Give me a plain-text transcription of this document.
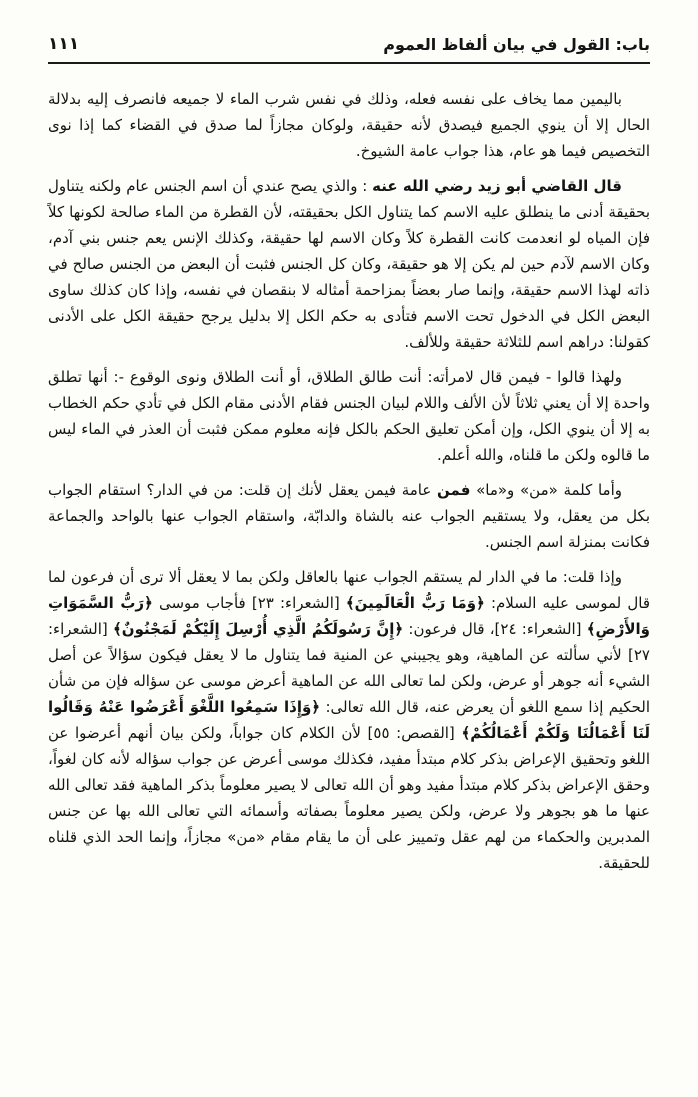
باب: القول في بيان ألفاظ العموم
١١١

باليمين مما يخاف على نفسه فعله، وذلك في نفس شرب الماء لا جميعه فانصرف إليه بدلالة الحال إلا أن ينوي الجميع فيصدق لأنه حقيقة، ولوكان مجازاً لما صدق في القضاء كما إذا نوى التخصيص فيما هو عام، هذا جواب عامة الشيوخ.

قال القاضي أبو زيد رضي الله عنه : والذي يصح عندي أن اسم الجنس عام ولكنه يتناول بحقيقة أدنى ما ينطلق عليه الاسم كما يتناول الكل بحقيقته، لأن القطرة من الماء صالحة لكونها كلاً فإن المياه لو انعدمت كانت القطرة كلاً وكان الاسم لها حقيقة، وكذلك الإنس يعم جنس بني آدم، وكان الاسم لآدم حين لم يكن إلا هو حقيقة، وكان كل الجنس فثبت أن البعض من الجنس صالح في ذاته لهذا الاسم حقيقة، وإنما صار بعضاً بمزاحمة أمثاله لا بنقصان في نفسه، وإذا كان كذلك ساوى البعض الكل في الدخول تحت الاسم فتأدى به حكم الكل إلا بدليل يرجح حقيقة الكل على الأدنى كقولنا: دراهم اسم للثلاثة حقيقة وللألف.

ولهذا قالوا - فيمن قال لامرأته: أنت طالق الطلاق، أو أنت الطلاق ونوى الوقوع -: أنها تطلق واحدة إلا أن يعني ثلاثاً لأن الألف واللام لبيان الجنس فقام الأدنى مقام الكل في تأدي حكم الخطاب به إلا أن ينوي الكل، وإن أمكن تعليق الحكم بالكل فإنه معلوم ممكن فثبت أن العذر في الماء ليس ما قالوه ولكن ما قلناه، والله أعلم.

وأما كلمة «من» و«ما» فمن عامة فيمن يعقل لأنك إن قلت: من في الدار؟ استقام الجواب بكل من يعقل، ولا يستقيم الجواب عنه بالشاة والدابّة، واستقام الجواب عنها بالواحد والجماعة فكانت بمنزلة اسم الجنس.

وإذا قلت: ما في الدار لم يستقم الجواب عنها بالعاقل ولكن بما لا يعقل ألا ترى أن فرعون لما قال لموسى عليه السلام: ﴿وَمَا رَبُّ الْعَالَمِينَ﴾ [الشعراء: ٢٣] فأجاب موسى ﴿رَبُّ السَّمَوَاتِ وَالأَرْضِ﴾ [الشعراء: ٢٤]، قال فرعون: ﴿إِنَّ رَسُولَكُمُ الَّذِي أُرْسِلَ إِلَيْكُمْ لَمَجْنُونٌ﴾ [الشعراء: ٢٧] لأني سألته عن الماهية، وهو يجيبني عن المنية فما يتناول ما لا يعقل فيكون سؤالاً عن أصل الشيء أنه جوهر أو عرض، ولكن لما تعالى الله عن الماهية أعرض موسى عن سؤاله فإن من شأن الحكيم إذا سمع اللغو أن يعرض عنه، قال الله تعالى: ﴿وَإِذَا سَمِعُوا اللَّغْوَ أَعْرَضُوا عَنْهُ وَقَالُوا لَنَا أَعْمَالُنَا وَلَكُمْ أَعْمَالُكُمْ﴾ [القصص: ٥٥] لأن الكلام كان جواباً، ولكن بيان أنهم أعرضوا عن اللغو وتحقيق الإعراض بذكر كلام مبتدأ مفيد، فكذلك موسى أعرض عن جواب سؤاله لأنه كان لغواً، وحقق الإعراض بذكر كلام مبتدأ مفيد وهو أن الله تعالى لا يصير معلوماً بذكر الماهية فقد تعالى الله عنها ما هو بجوهر ولا عرض، ولكن يصير معلوماً بصفاته وأسمائه التي تعالى الله بها عن جنس المدبرين والحكماء من لهم عقل وتمييز على أن ما يقام مقام «من» مجازاً، وإنما الحد الذي قلناه للحقيقة.
